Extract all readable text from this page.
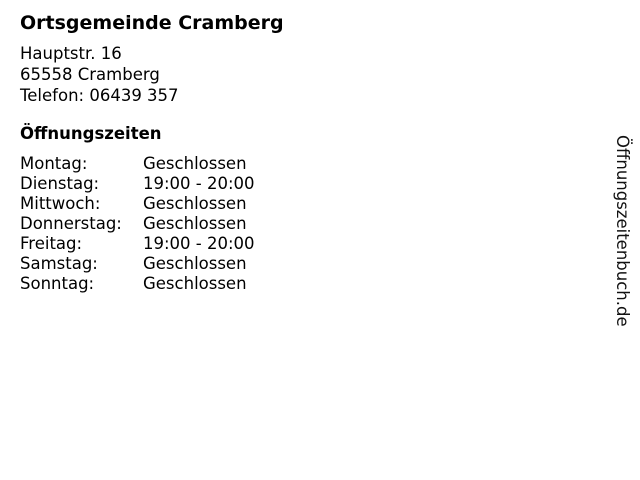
Ortsgemeinde Cramberg
Hauptstr. 16
65558 Cramberg
Telefon: 06439 357
Öffnungszeiten
Montag:	Geschlossen
Dienstag:	19:00 - 20:00
Mittwoch:	Geschlossen
Donnerstag:	Geschlossen
Freitag:	19:00 - 20:00
Samstag:	Geschlossen
Sonntag:	Geschlossen	Öffnungszeitenbuch.de
